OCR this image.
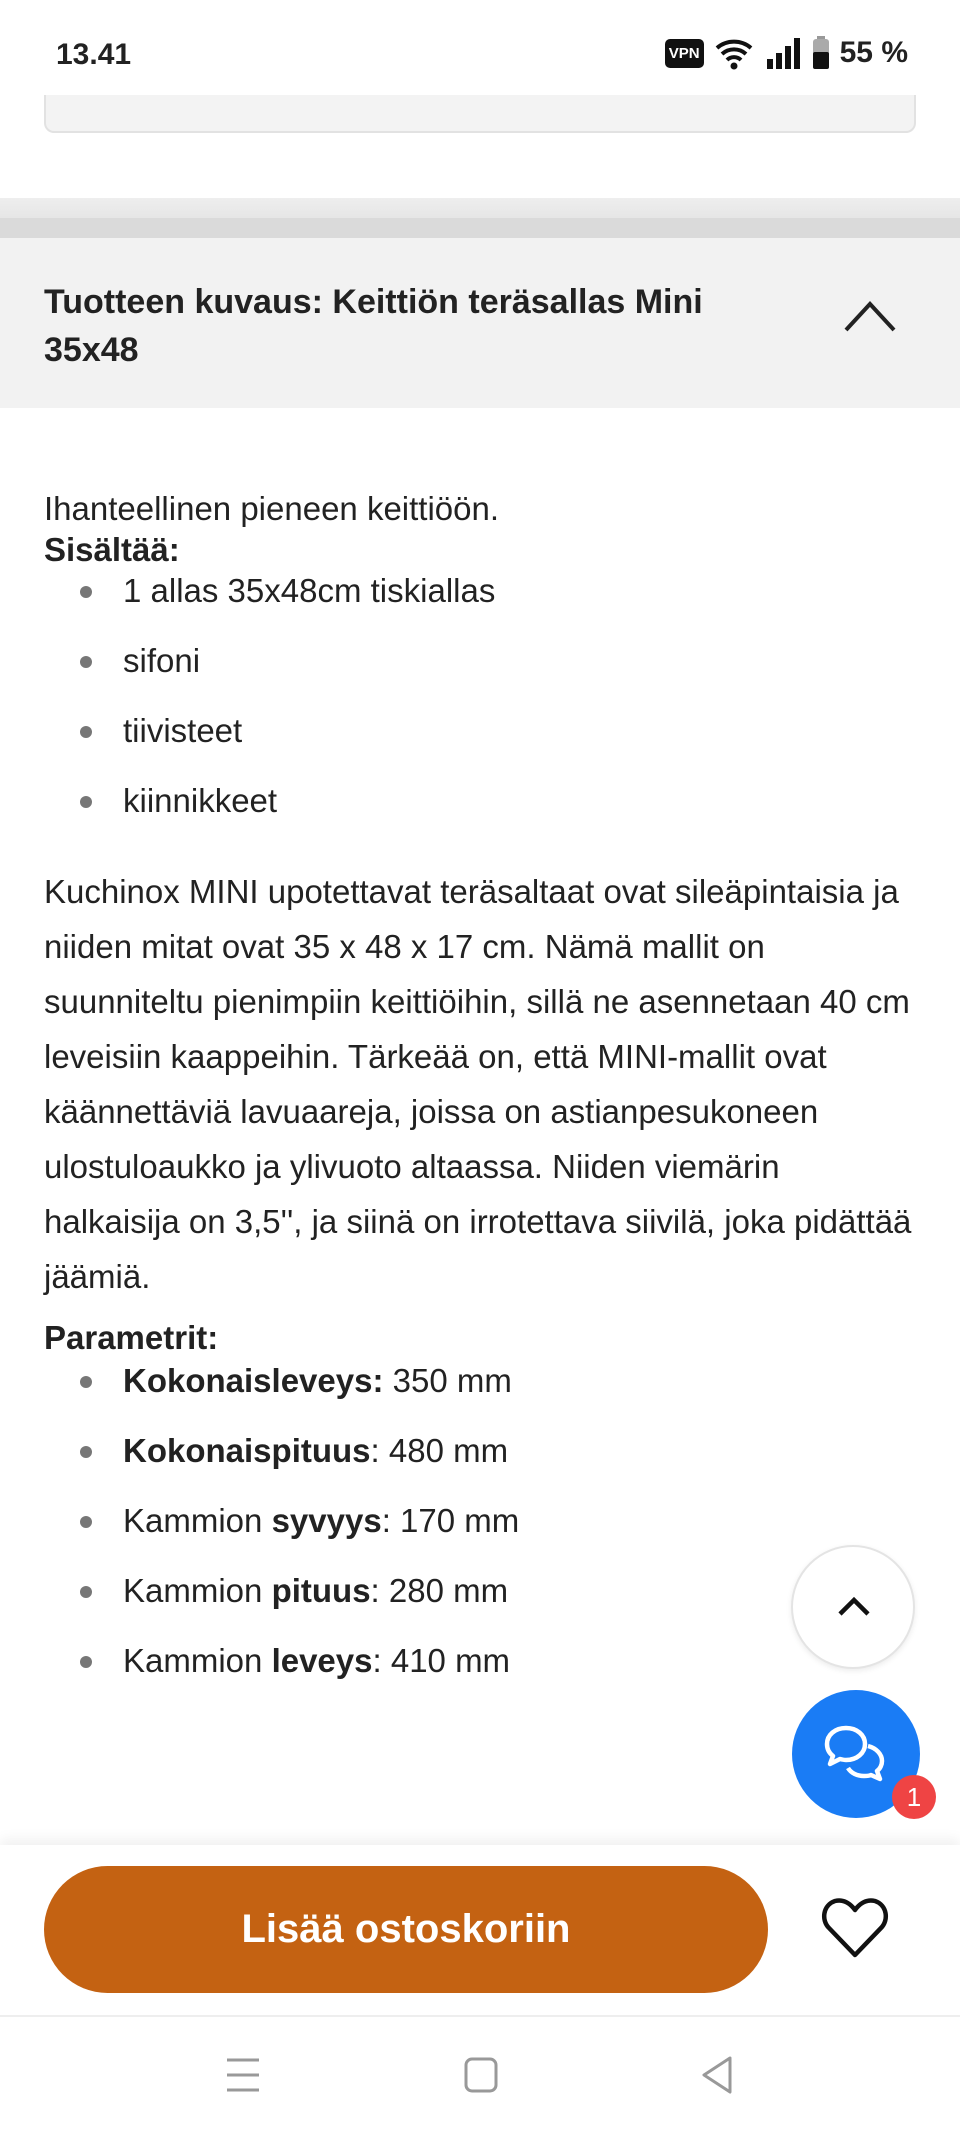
13.41	VPN	55 %
Tuotteen kuvaus: Keittiön teräsallas Mini 35x48
Ihanteellinen pieneen keittiöön.
Sisältää:
1 allas 35x48cm tiskiallas
sifoni
tiivisteet
kiinnikkeet
Kuchinox MINI upotettavat teräsaltaat ovat sileäpintaisia ja niiden mitat ovat 35 x 48 x 17 cm. Nämä mallit on suunniteltu pienimpiin keittiöihin, sillä ne asennetaan 40 cm leveisiin kaappeihin. Tärkeää on, että MINI-mallit ovat käännettäviä lavuaareja, joissa on astianpesukoneen ulostuloaukko ja ylivuoto altaassa. Niiden viemärin halkaisija on 3,5'', ja siinä on irrotettava siivilä, joka pidättää jäämiä.
Parametrit:
Kokonaisleveys: 350 mm
Kokonaispituus: 480 mm
Kammion syvyys: 170 mm
Kammion pituus: 280 mm
Kammion leveys: 410 mm
1
Lisää ostoskoriin
